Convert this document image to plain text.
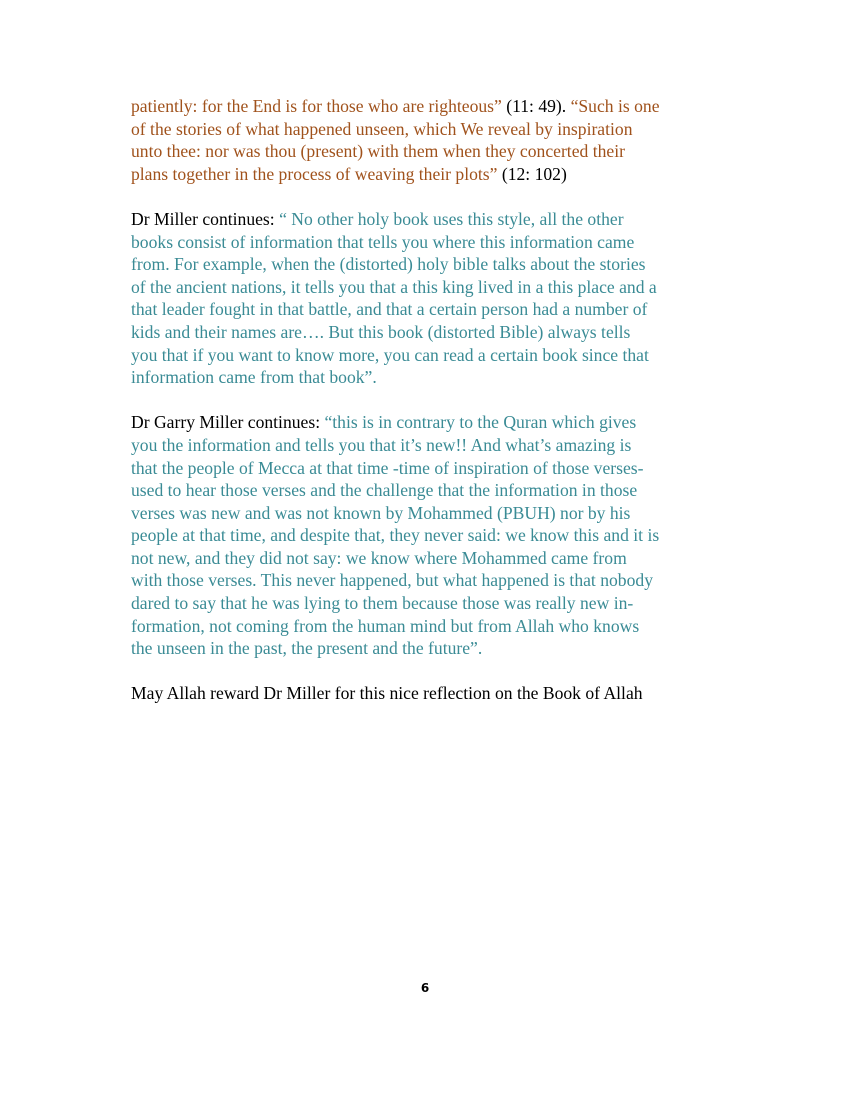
patiently: for the End is for those who are righteous” (11: 49). “Such is one
of the stories of what happened unseen, which We reveal by inspiration
unto thee: nor was thou (present) with them when they concerted their
plans together in the process of weaving their plots” (12: 102)

Dr Miller continues: “ No other holy book uses this style, all the other
books consist of information that tells you where this information came
from. For example, when the (distorted) holy bible talks about the stories
of the ancient nations, it tells you that a this king lived in a this place and a
that leader fought in that battle, and that a certain person had a number of
kids and their names are…. But this book (distorted Bible) always tells
you that if you want to know more, you can read a certain book since that
information came from that book”.

Dr Garry Miller continues: “this is in contrary to the Quran which gives
you the information and tells you that it’s new!! And what’s amazing is
that the people of Mecca at that time -time of inspiration of those verses-
used to hear those verses and the challenge that the information in those
verses was new and was not known by Mohammed (PBUH) nor by his
people at that time, and despite that, they never said: we know this and it is
not new, and they did not say: we know where Mohammed came from
with those verses. This never happened, but what happened is that nobody
dared to say that he was lying to them because those was really new in-
formation, not coming from the human mind but from Allah who knows
the unseen in the past, the present and the future”.

May Allah reward Dr Miller for this nice reflection on the Book of Allah

6
